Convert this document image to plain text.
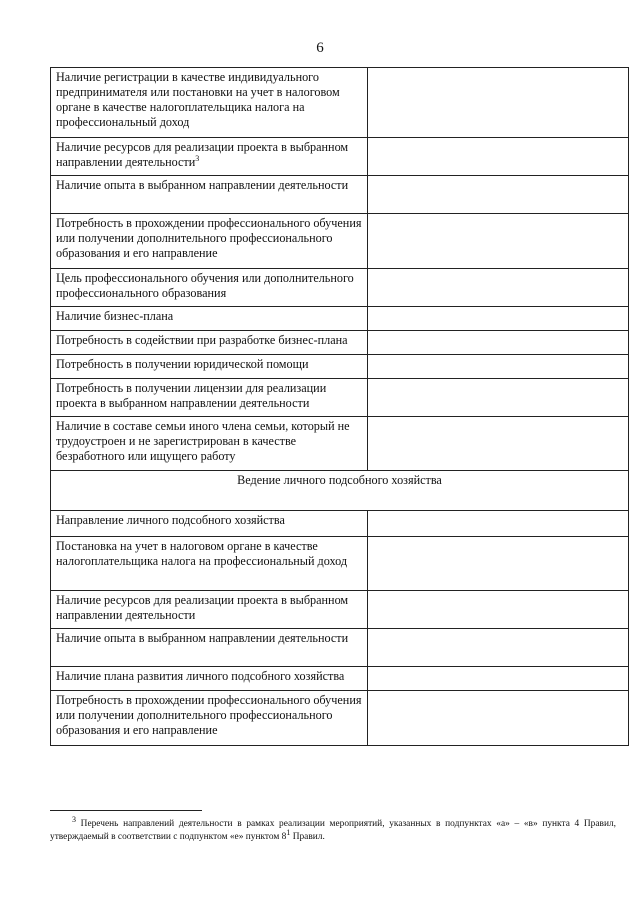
6
Наличие регистрации в качестве индивидуального предпринимателя или постановки на учет в налоговом органе в качестве налогоплательщика налога на профессиональный доход	
Наличие ресурсов для реализации проекта в выбранном направлении деятельности$^3$	
Наличие опыта в выбранном направлении деятельности	
Потребность в прохождении профессионального обучения или получении дополнительного профессионального образования и его направление	
Цель профессионального обучения или дополнительного профессионального образования	
Наличие бизнес-плана	
Потребность в содействии при разработке бизнес-плана	
Потребность в получении юридической помощи	
Потребность в получении лицензии для реализации проекта в выбранном направлении деятельности	
Наличие в составе семьи иного члена семьи, который не трудоустроен и не зарегистрирован в качестве безработного или ищущего работу	
Ведение личного подсобного хозяйства	
Направление личного подсобного хозяйства	
Постановка на учет в налоговом органе в качестве налогоплательщика налога на профессиональный доход	
Наличие ресурсов для реализации проекта в выбранном направлении деятельности	
Наличие опыта в выбранном направлении деятельности	
Наличие плана развития личного подсобного хозяйства	
Потребность в прохождении профессионального обучения или получении дополнительного профессионального образования и его направление	
$^3$ Перечень направлений деятельности в рамках реализации мероприятий, указанных в подпунктах «а» – «в» пункта 4 Правил, утверждаемый в соответствии с подпунктом «е» пунктом $8^1$ Правил.
